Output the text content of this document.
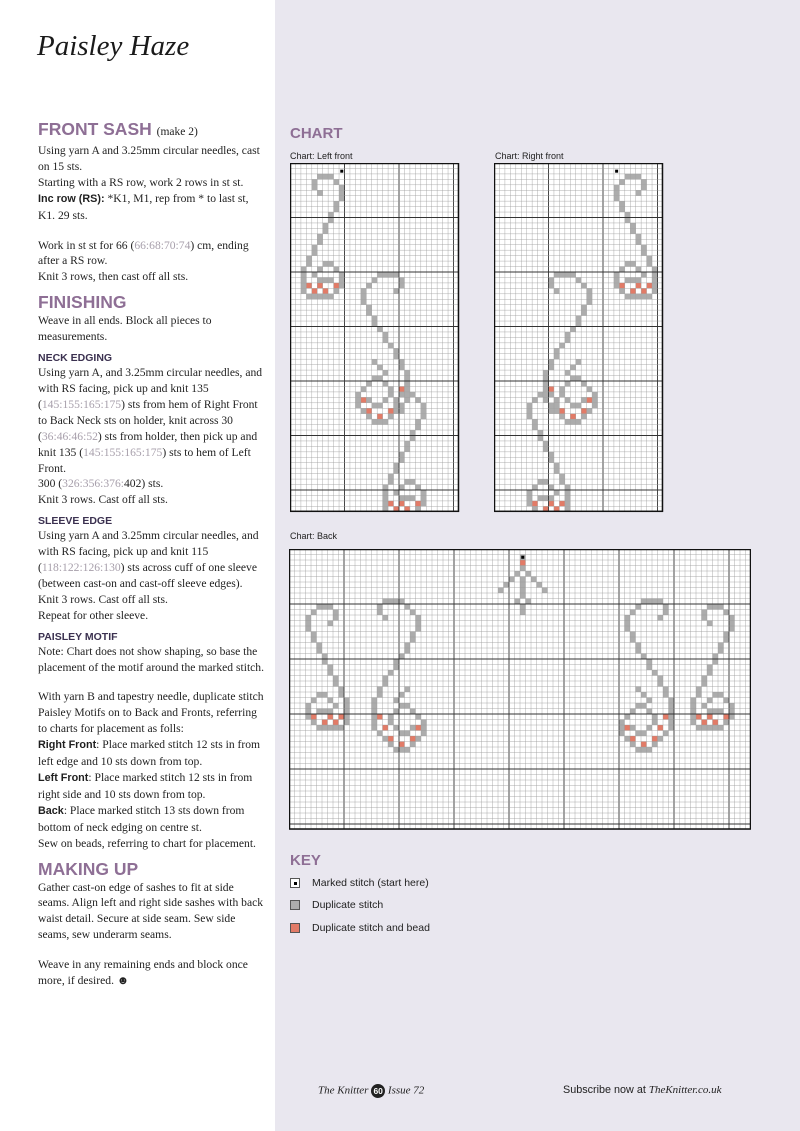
Paisley Haze

FRONT SASH (make 2)

Using yarn A and 3.25mm circular needles, cast on 15 sts.

Starting with a RS row, work 2 rows in st st.

Inc row (RS): *K1, M1, rep from * to last st, K1. 29 sts.

Work in st st for 66 (66:68:70:74) cm, ending after a RS row.

Knit 3 rows, then cast off all sts.

FINISHING

Weave in all ends. Block all pieces to measurements.

NECK EDGING

Using yarn A, and 3.25mm circular needles, and with RS facing, pick up and knit 135 (145:155:165:175) sts from hem of Right Front to Back Neck sts on holder, knit across 30 (36:46:46:52) sts from holder, then pick up and knit 135 (145:155:165:175) sts to hem of Left Front.

300 (326:356:376:402) sts.

Knit 3 rows. Cast off all sts.

SLEEVE EDGE

Using yarn A and 3.25mm circular needles, and with RS facing, pick up and knit 115 (118:122:126:130) sts across cuff of one sleeve (between cast-on and cast-off sleeve edges).

Knit 3 rows. Cast off all sts.

Repeat for other sleeve.

PAISLEY MOTIF

Note: Chart does not show shaping, so base the placement of the motif around the marked stitch.

With yarn B and tapestry needle, duplicate stitch Paisley Motifs on to Back and Fronts, referring to charts for placement as folls:

Right Front: Place marked stitch 12 sts in from left edge and 10 sts down from top.

Left Front: Place marked stitch 12 sts in from right side and 10 sts down from top.

Back: Place marked stitch 13 sts down from bottom of neck edging on centre st.

Sew on beads, referring to chart for placement.

MAKING UP

Gather cast-on edge of sashes to fit at side seams. Align left and right side sashes with back waist detail. Secure at side seam. Sew side seams, sew underarm seams.

Weave in any remaining ends and block once more, if desired. ☻

CHART
Chart: Left front	Chart: Right front
Chart: Back
KEY
Marked stitch (start here)
Duplicate stitch
Duplicate stitch and bead
The Knitter 60 Issue 72	Subscribe now at TheKnitter.co.uk
